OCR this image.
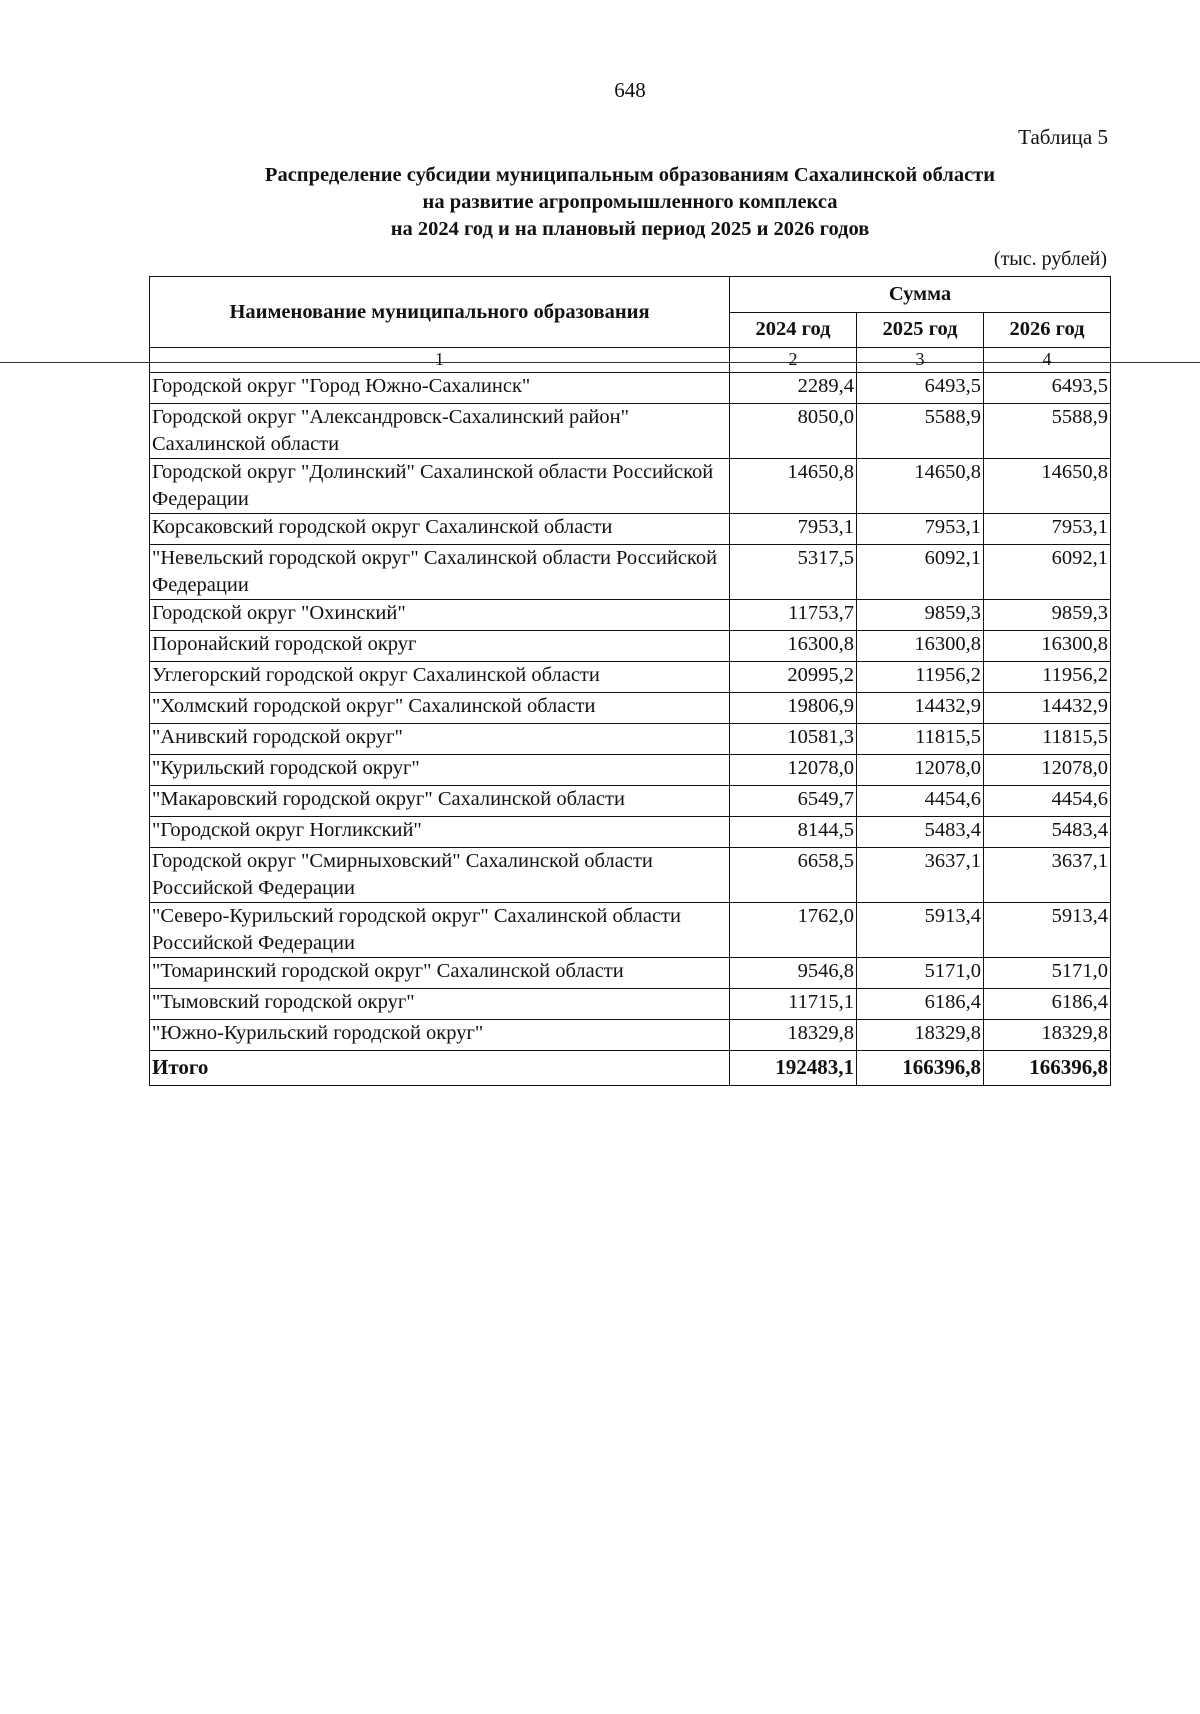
648
Таблица 5
Распределение субсидии муниципальным образованиям Сахалинской области
на развитие агропромышленного комплекса
на 2024 год и на плановый период 2025 и 2026 годов
(тыс. рублей)
Наименование муниципального образования	Сумма		
	2024 год	2025 год	2026 год
1	2	3	4
Городской округ "Город Южно-Сахалинск"	2289,4	6493,5	6493,5
Городской округ "Александровск-Сахалинский район" Сахалинской области	8050,0	5588,9	5588,9
Городской округ "Долинский" Сахалинской области Российской Федерации	14650,8	14650,8	14650,8
Корсаковский городской округ Сахалинской области	7953,1	7953,1	7953,1
"Невельский городской округ" Сахалинской области Российской Федерации	5317,5	6092,1	6092,1
Городской округ "Охинский"	11753,7	9859,3	9859,3
Поронайский городской округ	16300,8	16300,8	16300,8
Углегорский городской округ Сахалинской области	20995,2	11956,2	11956,2
"Холмский городской округ" Сахалинской области	19806,9	14432,9	14432,9
"Анивский городской округ"	10581,3	11815,5	11815,5
"Курильский городской округ"	12078,0	12078,0	12078,0
"Макаровский городской округ" Сахалинской области	6549,7	4454,6	4454,6
"Городской округ Ногликский"	8144,5	5483,4	5483,4
Городской округ "Смирныховский" Сахалинской области Российской Федерации	6658,5	3637,1	3637,1
"Северо-Курильский городской округ" Сахалинской области Российской Федерации	1762,0	5913,4	5913,4
"Томаринский городской округ" Сахалинской области	9546,8	5171,0	5171,0
"Тымовский городской округ"	11715,1	6186,4	6186,4
"Южно-Курильский городской округ"	18329,8	18329,8	18329,8
Итого	192483,1	166396,8	166396,8
